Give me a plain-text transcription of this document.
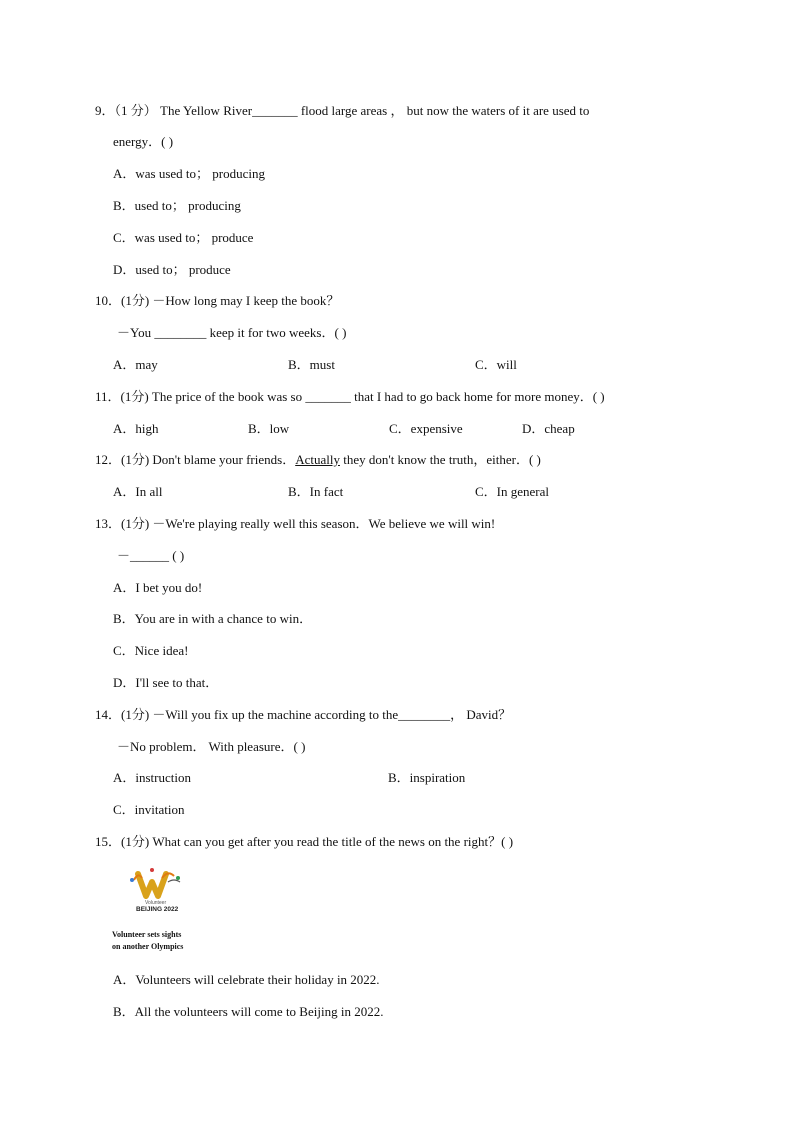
9．（1 分） The Yellow River_______ flood large areas ， but now the waters of it are used to
energy．( )
A．was used to； producing
B．used to； producing
C．was used to； produce
D．used to； produce
10．(1分) －How long may I keep the book？
－You ________ keep it for two weeks．( )
A．may	B．must	C．will
11．(1分) The price of the book was so _______ that I had to go back home for more money．( )
A．high	B．low	C．expensive	D．cheap
12．(1分) Don't blame your friends．Actually they don't know the truth，either．( )
A．In all	B．In fact	C．In general
13．(1分) －We're playing really well this season．We believe we will win!
－______ ( )
A．I bet you do!
B．You are in with a chance to win．
C．Nice idea!
D．I'll see to that．
14．(1分) －Will you fix up the machine according to the________， David？
－No problem． With pleasure．( )
A．instruction	B．inspiration
C．invitation
15．(1分) What can you get after you read the title of the news on the right？( )
Volunteer
BEIJING 2022
Volunteer sets sights
on another Olympics
A．Volunteers will celebrate their holiday in 2022.
B．All the volunteers will come to Beijing in 2022.
